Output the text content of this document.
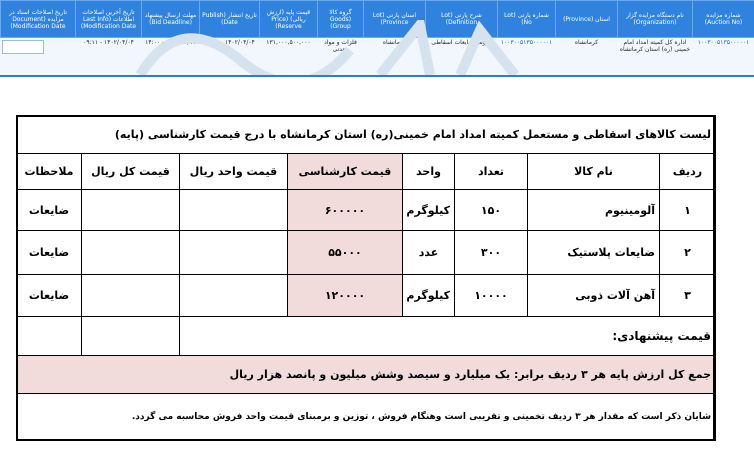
شماره مزایده (Auction No)	نام دستگاه مزایده گزار (Organization)	استان (Province)	شماره پارتی (Lot No)	شرح پارتی (Lot Definition)	استان پارتی (Lot Province)	گروه کالا (Goods Group)	قیمت پایه (ارزش ریالی) (Price Reserve)	تاریخ انتشار (Publish Date)	مهلت ارسال پیشنهاد (Bid Deadline)	تاریخ آخرین اصلاحات اطلاعات (Last Info Modification Date)	تاریخ اصلاحات اسناد در مزایده (Document Modification Date)
۱۰۰۳۰۰۵۱۳۵۰۰۰۰۰۱	اداره کل کمیته امداد امام خمینی (ره) استان کرمانشاه	کرمانشاه	۱۰۰۳۰۰۵۱۳۵۰۰۰۰۰۱	فروش ضایعات اسقاطی	کرمانشاه	فلزات و مواد معدنی	۱۳۱,۰۰۰,۵۰۰,۰۰۰	۱۴۰۲/۰۴/۰۴ - ۰۹:۰۰	۱۴۰۲/۰۴/۱۱ - ۱۴:۰۰	۱۴۰۲/۰۴/۰۴ - ۰۹:۱۱	
لیست کالاهای اسقاطی و مستعمل کمیته امداد امام خمینی(ره) استان کرمانشاه با درج قیمت کارشناسی (پایه)							
ردیف	نام کالا	تعداد	واحد	قیمت کارشناسی	قیمت واحد ریال	قیمت کل ریال	ملاحظات
۱	آلومینیوم	۱۵۰	کیلوگرم	۶۰۰۰۰۰			ضایعات
۲	ضایعات پلاستیک	۳۰۰	عدد	۵۵۰۰۰			ضایعات
۳	آهن آلات ذوبی	۱۰۰۰۰	کیلوگرم	۱۲۰۰۰۰			ضایعات
قیمت پیشنهادی:							
جمع کل ارزش پایه هر ۳ ردیف برابر: یک میلیارد و سیصد وشش میلیون و پانصد هزار ریال							
شایان ذکر است که مقدار هر ۳ ردیف تخمینی و تقریبی است وهنگام فروش ، توزین و برمبنای قیمت واحد فروش محاسبه می گردد.							
